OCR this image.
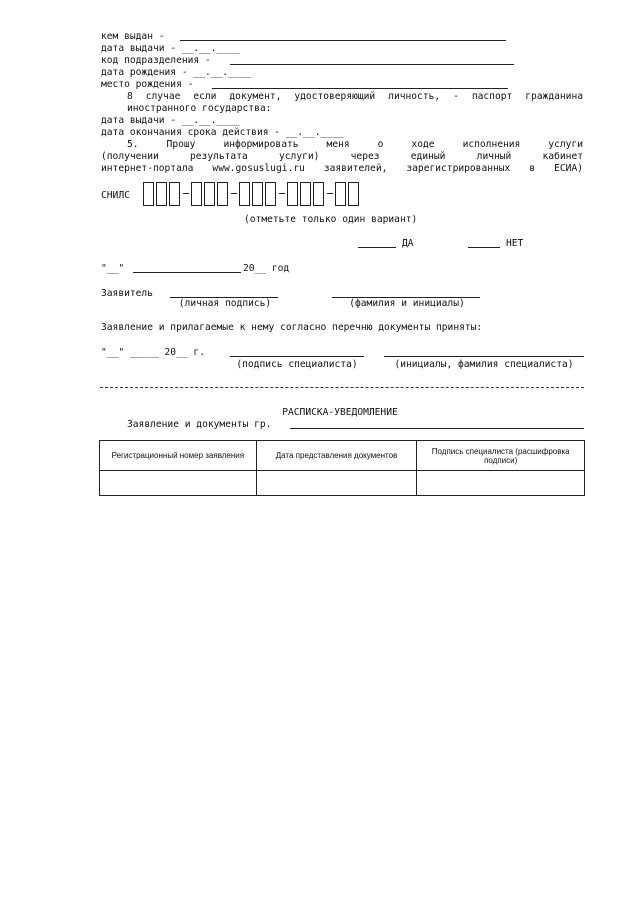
кем выдан -
дата выдачи - __.__.____
код подразделения -
дата рождения - __.__.____
место рождения -
8 случае если документ, удостоверяющий личность, - паспорт гражданина
иностранного государства:
дата выдачи - __.__.____
дата окончания срока действия - __.__.____
5. Прошу информировать меня о ходе исполнения услуги
(получении результата услуги) через единый личный кабинет
интернет-портала www.gosuslugi.ru заявителей, зарегистрированных в ЕСИА)
СНИЛС
(отметьте только один вариант)
ДА	НЕТ
"__"	20__ год
Заявитель
(личная подпись)	(фамилия и инициалы)
Заявление и прилагаемые к нему согласно перечню документы приняты:
"__" _____ 20__ г.
(подпись специалиста)	(инициалы, фамилия специалиста)
РАСПИСКА-УВЕДОМЛЕНИЕ
Заявление и документы гр.
Регистрационный номер заявления	Дата представления документов	Подпись специалиста (расшифровка подписи)
